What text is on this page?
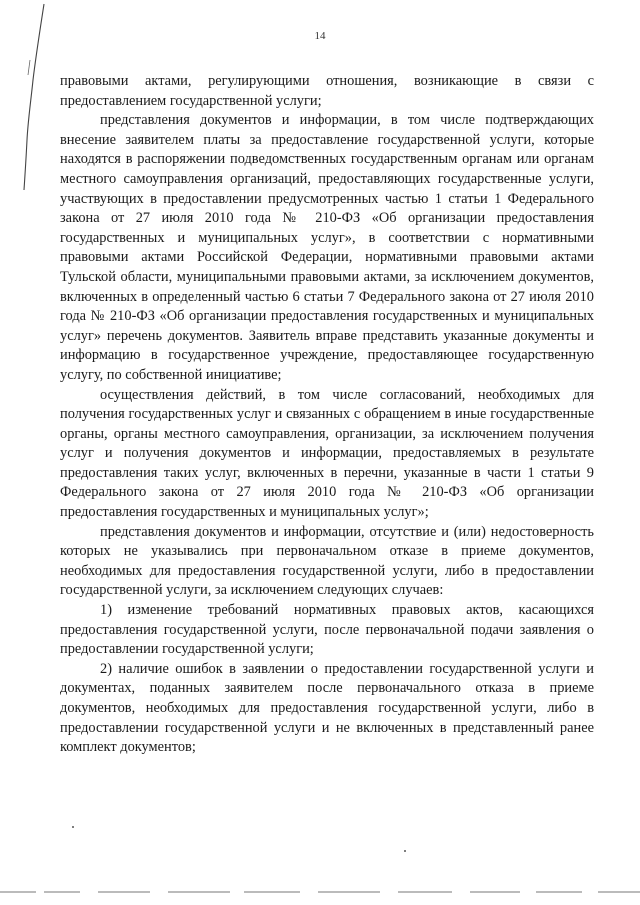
14

правовыми актами, регулирующими отношения, возникающие в связи с предоставлением государственной услуги;

представления документов и информации, в том числе подтверждающих внесение заявителем платы за предоставление государственной услуги, которые находятся в распоряжении подведомственных государственным органам или органам местного самоуправления организаций, предоставляющих государственные услуги, участвующих в предоставлении предусмотренных частью 1 статьи 1 Федерального закона от 27 июля 2010 года № 210-ФЗ «Об организации предоставления государственных и муниципальных услуг», в соответствии с нормативными правовыми актами Российской Федерации, нормативными правовыми актами Тульской области, муниципальными правовыми актами, за исключением документов, включенных в определенный частью 6 статьи 7 Федерального закона от 27 июля 2010 года № 210-ФЗ «Об организации предоставления государственных и муниципальных услуг» перечень документов. Заявитель вправе представить указанные документы и информацию в государственное учреждение, предоставляющее государственную услугу, по собственной инициативе;

осуществления действий, в том числе согласований, необходимых для получения государственных услуг и связанных с обращением в иные государственные органы, органы местного самоуправления, организации, за исключением получения услуг и получения документов и информации, предоставляемых в результате предоставления таких услуг, включенных в перечни, указанные в части 1 статьи 9 Федерального закона от 27 июля 2010 года № 210-ФЗ «Об организации предоставления государственных и муниципальных услуг»;

представления документов и информации, отсутствие и (или) недостоверность которых не указывались при первоначальном отказе в приеме документов, необходимых для предоставления государственной услуги, либо в предоставлении государственной услуги, за исключением следующих случаев:

1) изменение требований нормативных правовых актов, касающихся предоставления государственной услуги, после первоначальной подачи заявления о предоставлении государственной услуги;

2) наличие ошибок в заявлении о предоставлении государственной услуги и документах, поданных заявителем после первоначального отказа в приеме документов, необходимых для предоставления государственной услуги, либо в предоставлении государственной услуги и не включенных в представленный ранее комплект документов;
